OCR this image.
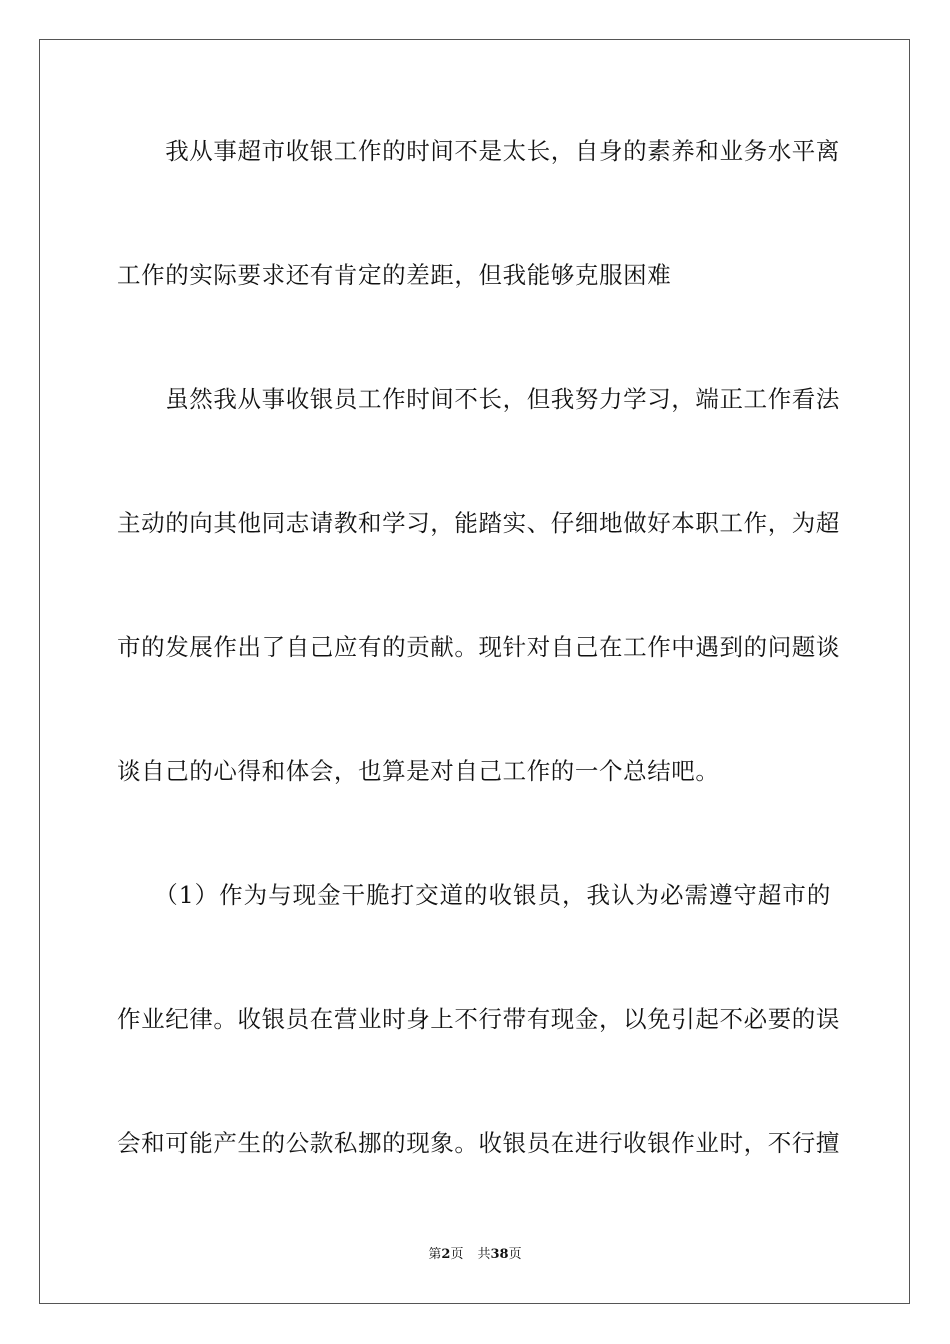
　　我从事超市收银工作的时间不是太长，自身的素养和业务水平离
工作的实际要求还有肯定的差距，但我能够克服困难
　　虽然我从事收银员工作时间不长，但我努力学习，端正工作看法
主动的向其他同志请教和学习，能踏实、仔细地做好本职工作，为超
市的发展作出了自己应有的贡献。现针对自己在工作中遇到的问题谈
谈自己的心得和体会，也算是对自己工作的一个总结吧。
　　（1）作为与现金干脆打交道的收银员，我认为必需遵守超市的
作业纪律。收银员在营业时身上不行带有现金，以免引起不必要的误
会和可能产生的公款私挪的现象。收银员在进行收银作业时，不行擅
第2页 共38页
